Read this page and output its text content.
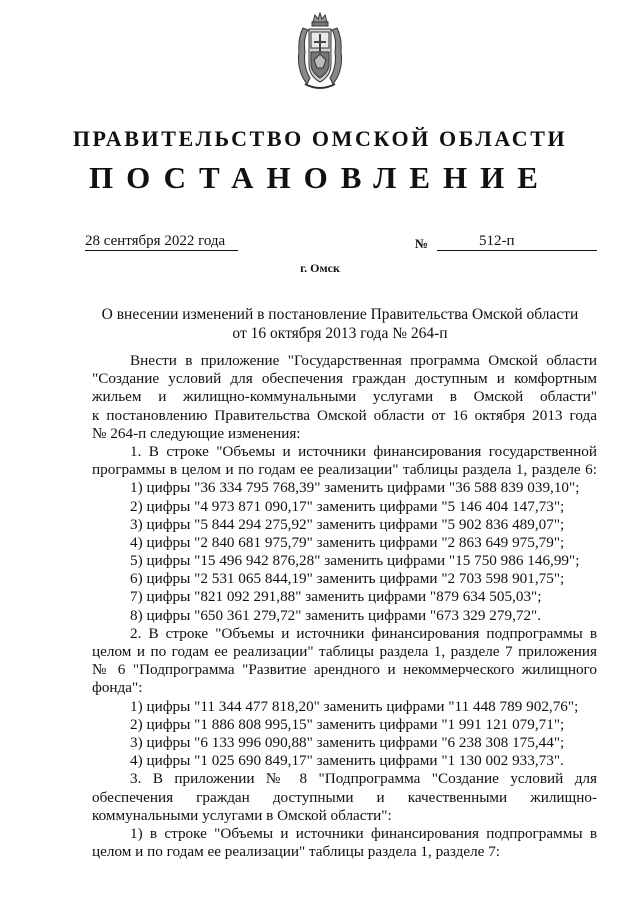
ПРАВИТЕЛЬСТВО ОМСКОЙ ОБЛАСТИ
ПОСТАНОВЛЕНИЕ
28 сентября 2022 года	№	512-п
г. Омск
О внесении изменений в постановление Правительства Омской области
от 16 октября 2013 года № 264-п
Внести в приложение "Государственная программа Омской области
"Создание условий для обеспечения граждан доступным и комфортным
жильем и жилищно-коммунальными услугами в Омской области"
к постановлению Правительства Омской области от 16 октября 2013 года
№ 264-п следующие изменения:
1. В строке "Объемы и источники финансирования государственной
программы в целом и по годам ее реализации" таблицы раздела 1, разделе 6:
1) цифры "36 334 795 768,39" заменить цифрами "36 588 839 039,10";
2) цифры "4 973 871 090,17" заменить цифрами "5 146 404 147,73";
3) цифры "5 844 294 275,92" заменить цифрами "5 902 836 489,07";
4) цифры "2 840 681 975,79" заменить цифрами "2 863 649 975,79";
5) цифры "15 496 942 876,28" заменить цифрами "15 750 986 146,99";
6) цифры "2 531 065 844,19" заменить цифрами "2 703 598 901,75";
7) цифры "821 092 291,88" заменить цифрами "879 634 505,03";
8) цифры "650 361 279,72" заменить цифрами "673 329 279,72".
2. В строке "Объемы и источники финансирования подпрограммы в
целом и по годам ее реализации" таблицы раздела 1, разделе 7 приложения
№ 6 "Подпрограмма "Развитие арендного и некоммерческого жилищного
фонда":
1) цифры "11 344 477 818,20" заменить цифрами "11 448 789 902,76";
2) цифры "1 886 808 995,15" заменить цифрами "1 991 121 079,71";
3) цифры "6 133 996 090,88" заменить цифрами "6 238 308 175,44";
4) цифры "1 025 690 849,17" заменить цифрами "1 130 002 933,73".
3. В приложении № 8 "Подпрограмма "Создание условий для
обеспечения граждан доступными и качественными жилищно-
коммунальными услугами в Омской области":
1) в строке "Объемы и источники финансирования подпрограммы в
целом и по годам ее реализации" таблицы раздела 1, разделе 7:
